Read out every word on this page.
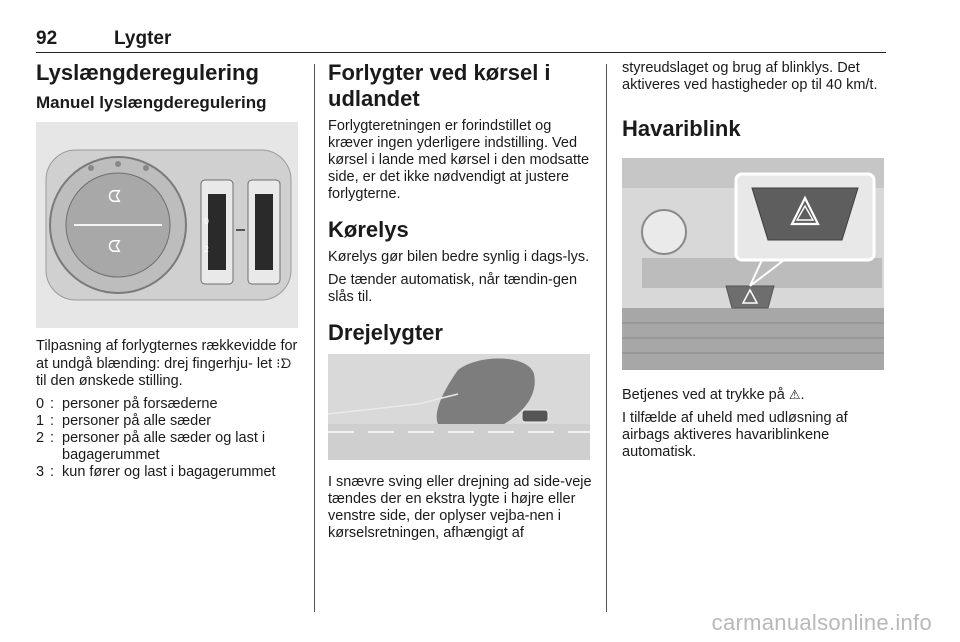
92	Lygter
Lyslængderegulering
Manuel lyslængderegulering
ᗧ
ᗧ
0
2

Tilpasning af forlygternes rækkevidde for at undgå blænding: drej fingerhju- let ⁝ᗤ til den ønskede stilling.

0 : personer på forsæderne
1 : personer på alle sæder
2 : personer på alle sæder og last i bagagerummet
3 : kun fører og last i bagagerummet
Forlygter ved kørsel i udlandet

Forlygteretningen er forindstillet og kræver ingen yderligere indstilling. Ved kørsel i lande med kørsel i den modsatte side, er det ikke nødvendigt at justere forlygterne.

Kørelys

Kørelys gør bilen bedre synlig i dags-lys.

De tænder automatisk, når tændin-gen slås til.

Drejelygter

I snævre sving eller drejning ad side-veje tændes der en ekstra lygte i højre eller venstre side, der oplyser vejba-nen i kørselsretningen, afhængigt af

styreudslaget og brug af blinklys. Det aktiveres ved hastigheder op til 40 km/t.

Havariblink

Betjenes ved at trykke på ⚠.

I tilfælde af uheld med udløsning af airbags aktiveres havariblinkene automatisk.

carmanualsonline.info
